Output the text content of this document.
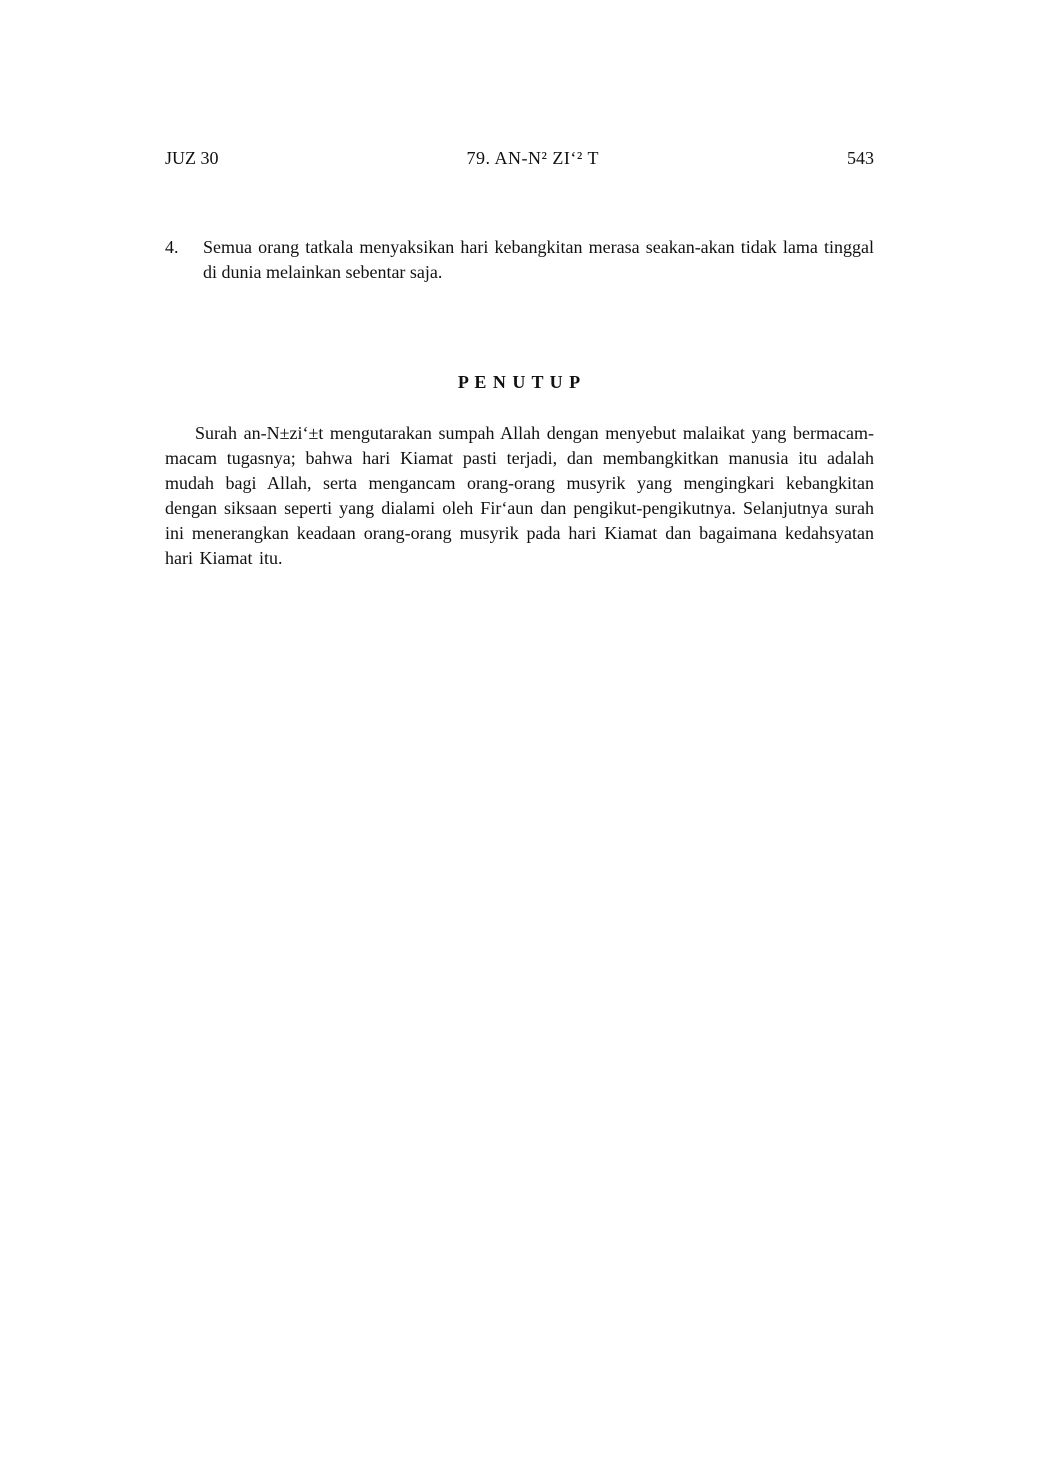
JUZ 30	79. AN-N² ZI‘² T	543
4.	Semua orang tatkala menyaksikan hari kebangkitan merasa seakan-akan tidak lama tinggal di dunia melainkan sebentar saja.
P E N U T U P

Surah an-N±zi‘±t mengutarakan sumpah Allah dengan menyebut malaikat yang bermacam-macam tugasnya; bahwa hari Kiamat pasti terjadi, dan membangkitkan manusia itu adalah mudah bagi Allah, serta mengancam orang-orang musyrik yang mengingkari kebangkitan dengan siksaan seperti yang dialami oleh Fir‘aun dan pengikut-pengikutnya. Selanjutnya surah ini menerangkan keadaan orang-orang musyrik pada hari Kiamat dan bagaimana kedahsyatan hari Kiamat itu.
